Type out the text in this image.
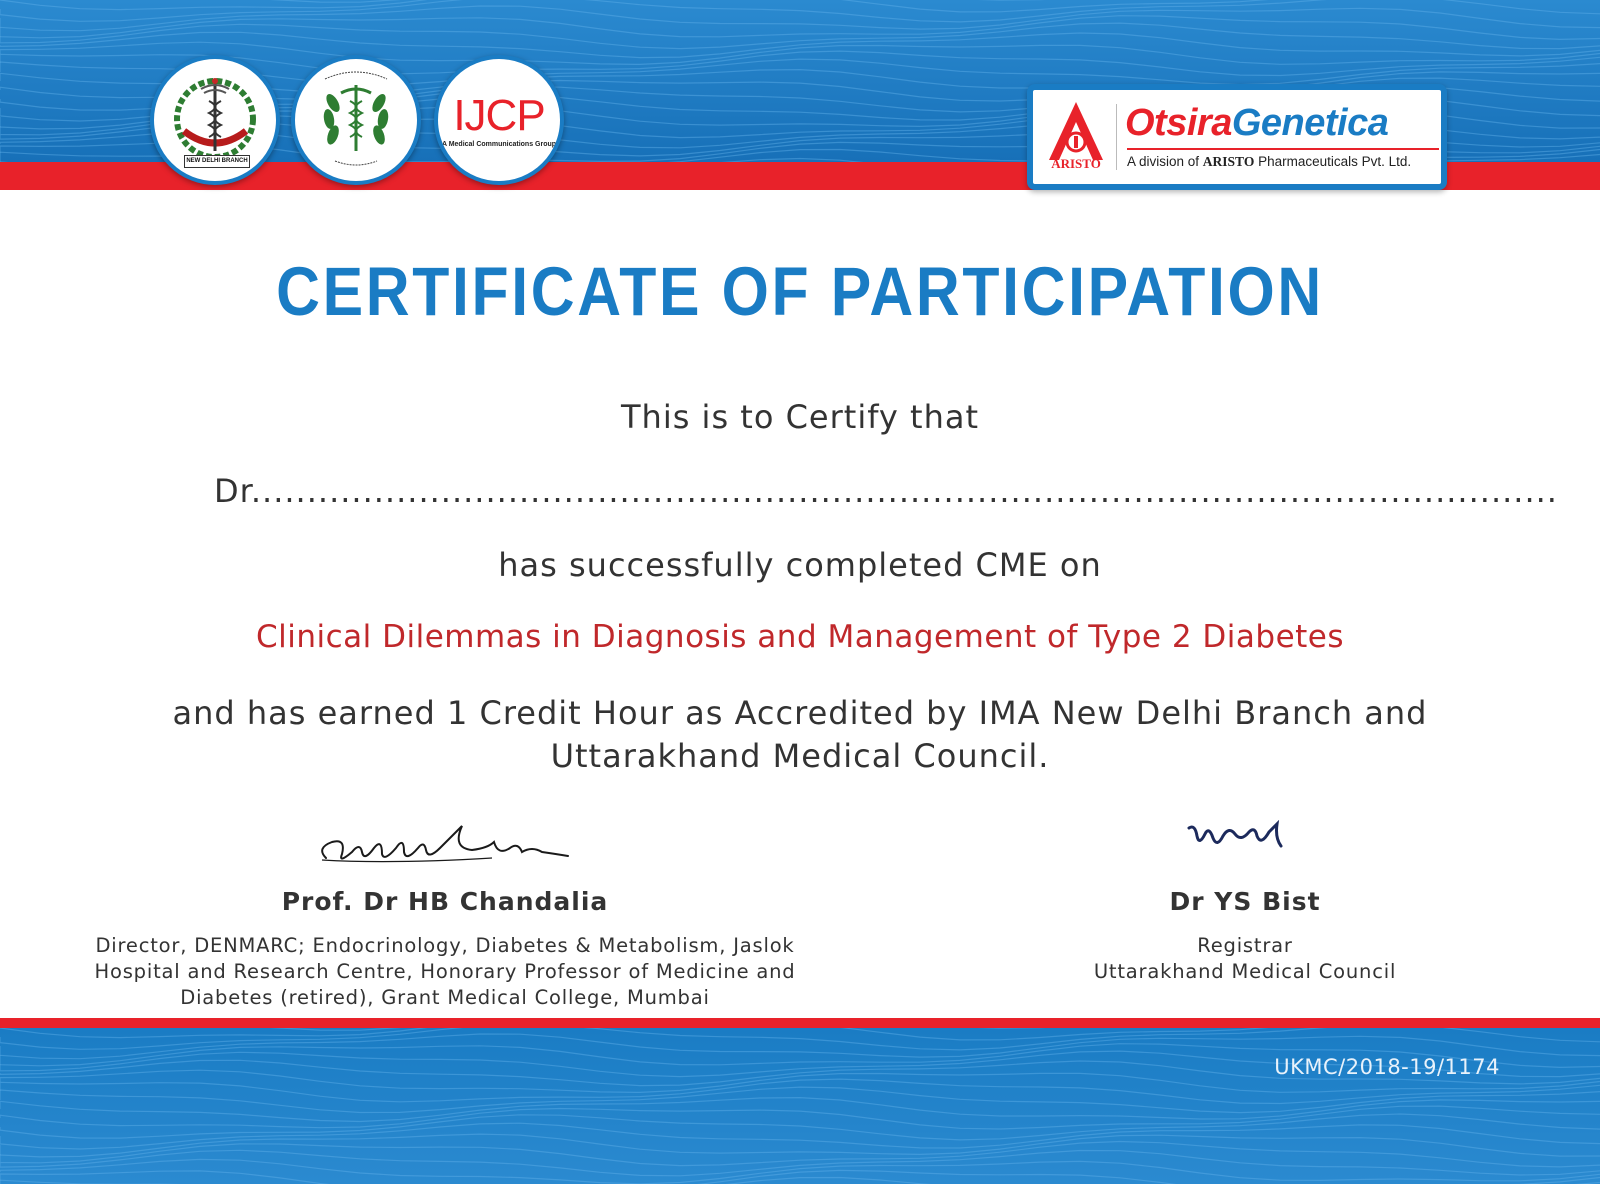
NEW DELHI BRANCH
IJCP
A Medical Communications Group
ARISTO
OtsiraGenetica
A division of ARISTO Pharmaceuticals Pvt. Ltd.
CERTIFICATE OF PARTICIPATION
This is to Certify that
Dr.....................................................................................................................
has successfully completed CME on
Clinical Dilemmas in Diagnosis and Management of Type 2 Diabetes
and has earned 1 Credit Hour as Accredited by IMA New Delhi Branch and
Uttarakhand Medical Council.
Prof. Dr HB Chandalia
Director, DENMARC; Endocrinology, Diabetes & Metabolism, Jaslok
Hospital and Research Centre, Honorary Professor of Medicine and
Diabetes (retired), Grant Medical College, Mumbai
Dr YS Bist
Registrar
Uttarakhand Medical Council
UKMC/2018-19/1174
